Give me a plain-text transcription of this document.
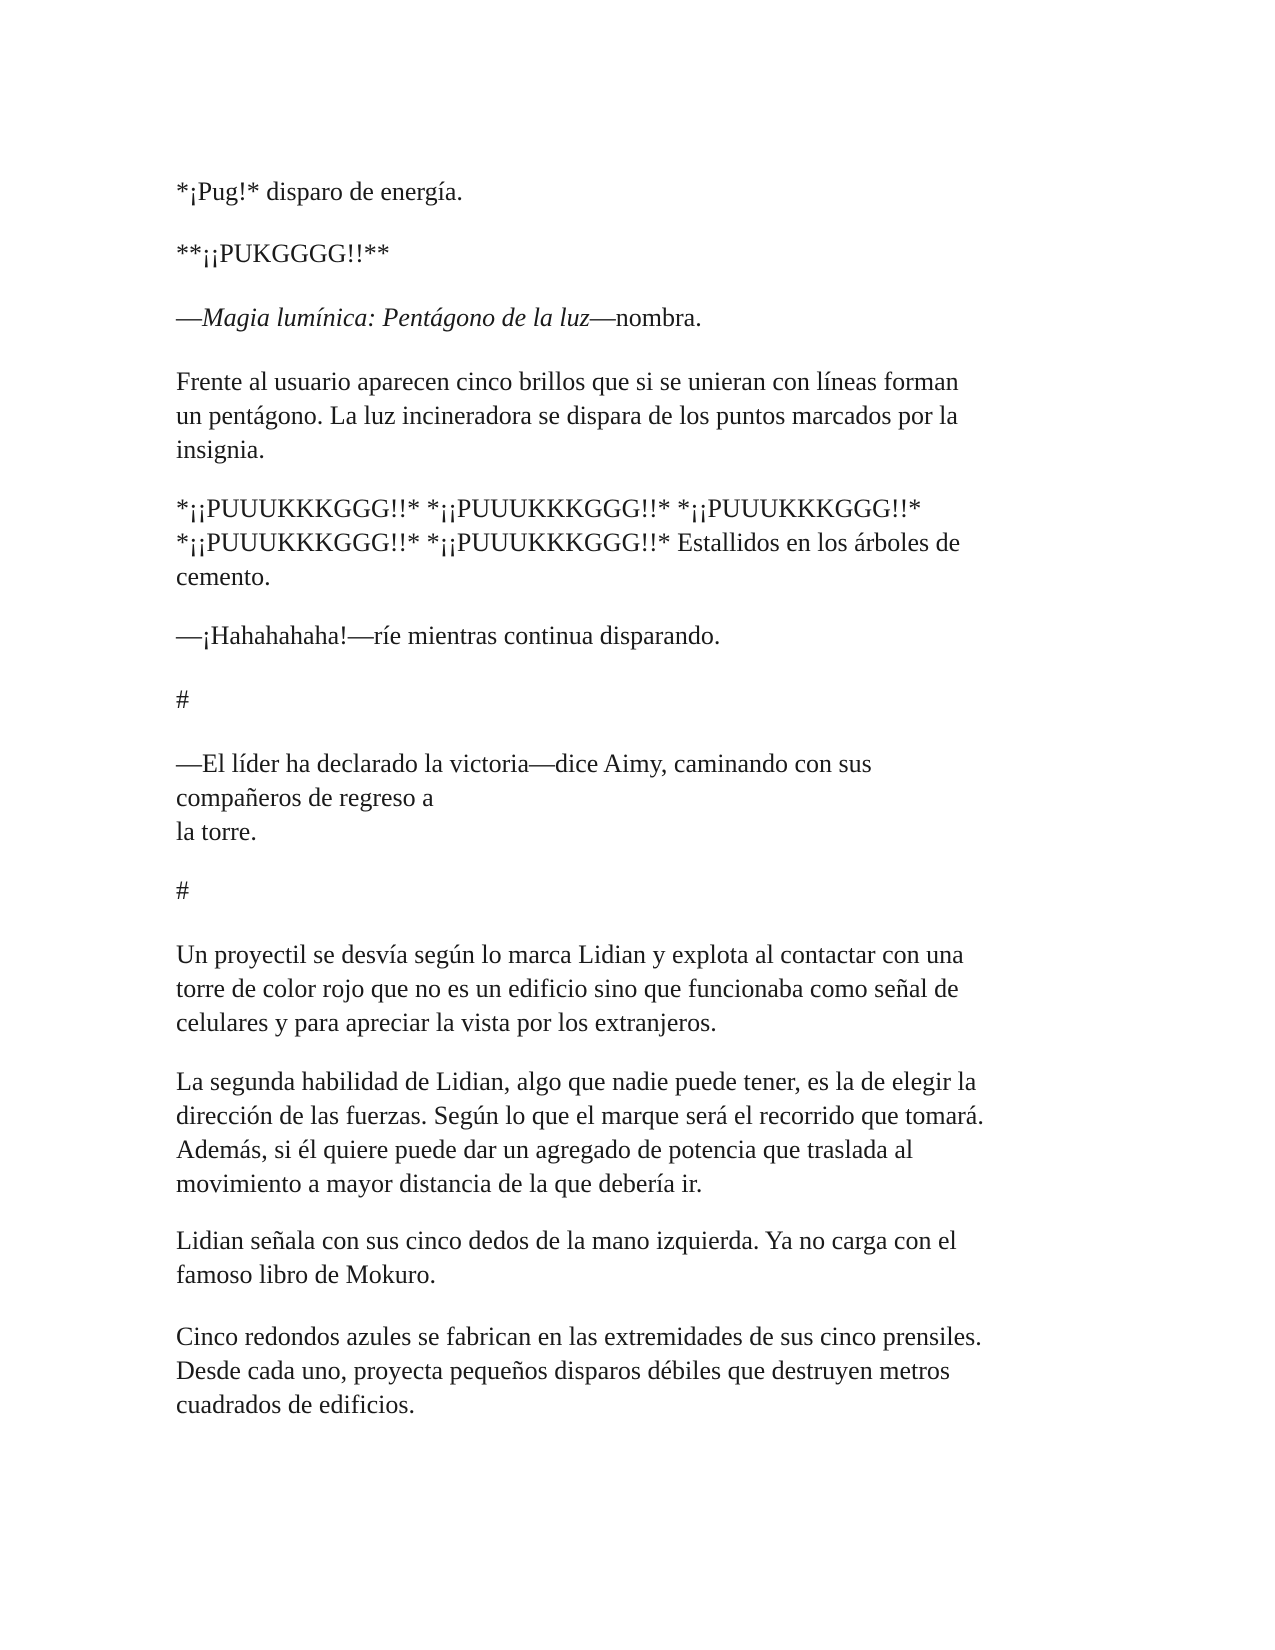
*¡Pug!* disparo de energía.

**¡¡PUKGGGG!!**

—Magia lumínica: Pentágono de la luz—nombra.

Frente al usuario aparecen cinco brillos que si se unieran con líneas forman
un pentágono. La luz incineradora se dispara de los puntos marcados por la
insignia.

*¡¡PUUUKKKGGG!!* *¡¡PUUUKKKGGG!!* *¡¡PUUUKKKGGG!!*
*¡¡PUUUKKKGGG!!* *¡¡PUUUKKKGGG!!* Estallidos en los árboles de
cemento.

—¡Hahahahaha!—ríe mientras continua disparando.

#

—El líder ha declarado la victoria—dice Aimy, caminando con sus
compañeros de regreso a
la torre.

#

Un proyectil se desvía según lo marca Lidian y explota al contactar con una
torre de color rojo que no es un edificio sino que funcionaba como señal de
celulares y para apreciar la vista por los extranjeros.

La segunda habilidad de Lidian, algo que nadie puede tener, es la de elegir la
dirección de las fuerzas. Según lo que el marque será el recorrido que tomará.
Además, si él quiere puede dar un agregado de potencia que traslada al
movimiento a mayor distancia de la que debería ir.

Lidian señala con sus cinco dedos de la mano izquierda. Ya no carga con el
famoso libro de Mokuro.

Cinco redondos azules se fabrican en las extremidades de sus cinco prensiles.
Desde cada uno, proyecta pequeños disparos débiles que destruyen metros
cuadrados de edificios.
